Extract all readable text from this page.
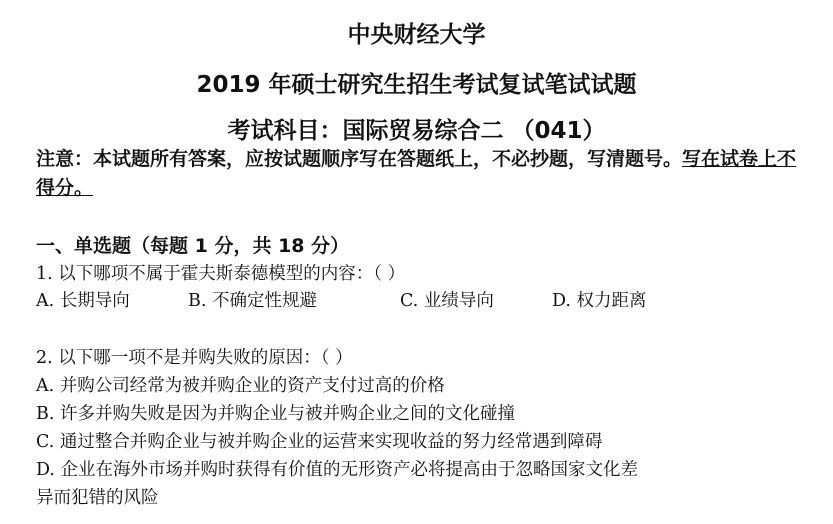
中央财经大学
2019 年硕士研究生招生考试复试笔试试题
考试科目：国际贸易综合二 （041）
注意：本试题所有答案，应按试题顺序写在答题纸上，不必抄题，写清题号。写在试卷上不得分。
一、单选题（每题 1 分，共 18 分）
1. 以下哪项不属于霍夫斯泰德模型的内容：（ ）
A. 长期导向	B. 不确定性规避	C. 业绩导向	D. 权力距离
2. 以下哪一项不是并购失败的原因：（ ）
A. 并购公司经常为被并购企业的资产支付过高的价格
B. 许多并购失败是因为并购企业与被并购企业之间的文化碰撞
C. 通过整合并购企业与被并购企业的运营来实现收益的努力经常遇到障碍
D. 企业在海外市场并购时获得有价值的无形资产必将提高由于忽略国家文化差
异而犯错的风险
